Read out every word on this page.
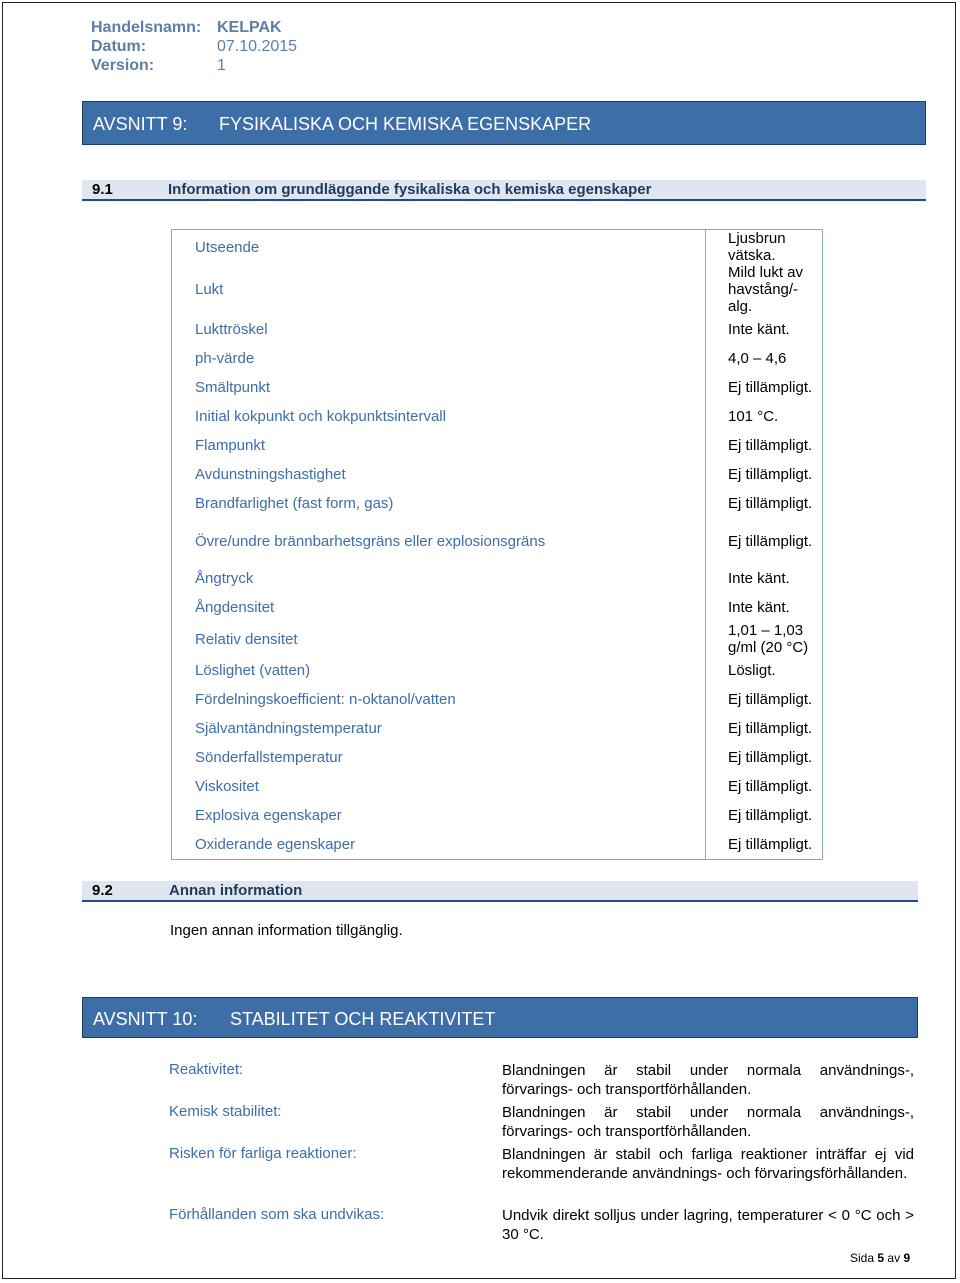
Handelsnamn: KELPAK
Datum:	07.10.2015
Version:	1
AVSNITT 9: FYSIKALISKA OCH KEMISKA EGENSKAPER
9.1	Information om grundläggande fysikaliska och kemiska egenskaper
Utseende	Ljusbrun vätska.
Lukt	Mild lukt av havstång/-alg.
Lukttröskel	Inte känt.
ph-värde	4,0 – 4,6
Smältpunkt	Ej tillämpligt.
Initial kokpunkt och kokpunktsintervall	101 °C.
Flampunkt	Ej tillämpligt.
Avdunstningshastighet	Ej tillämpligt.
Brandfarlighet (fast form, gas)	Ej tillämpligt.
Övre/undre brännbarhetsgräns eller explosionsgräns	Ej tillämpligt.
Ångtryck	Inte känt.
Ångdensitet	Inte känt.
Relativ densitet	1,01 – 1,03 g/ml (20 °C)
Löslighet (vatten)	Lösligt.
Fördelningskoefficient: n-oktanol/vatten	Ej tillämpligt.
Självantändningstemperatur	Ej tillämpligt.
Sönderfallstemperatur	Ej tillämpligt.
Viskositet	Ej tillämpligt.
Explosiva egenskaper	Ej tillämpligt.
Oxiderande egenskaper	Ej tillämpligt.
9.2	Annan information
Ingen annan information tillgänglig.
AVSNITT 10: STABILITET OCH REAKTIVITET
Reaktivitet:	Blandningen är stabil under normala användnings-, förvarings- och transportförhållanden.
Kemisk stabilitet:	Blandningen är stabil under normala användnings-, förvarings- och transportförhållanden.
Risken för farliga reaktioner:	Blandningen är stabil och farliga reaktioner inträffar ej vid rekommenderande användnings- och förvaringsförhållanden.
Förhållanden som ska undvikas:	Undvik direkt solljus under lagring, temperaturer < 0 °C och > 30 °C.
Sida 5 av 9
